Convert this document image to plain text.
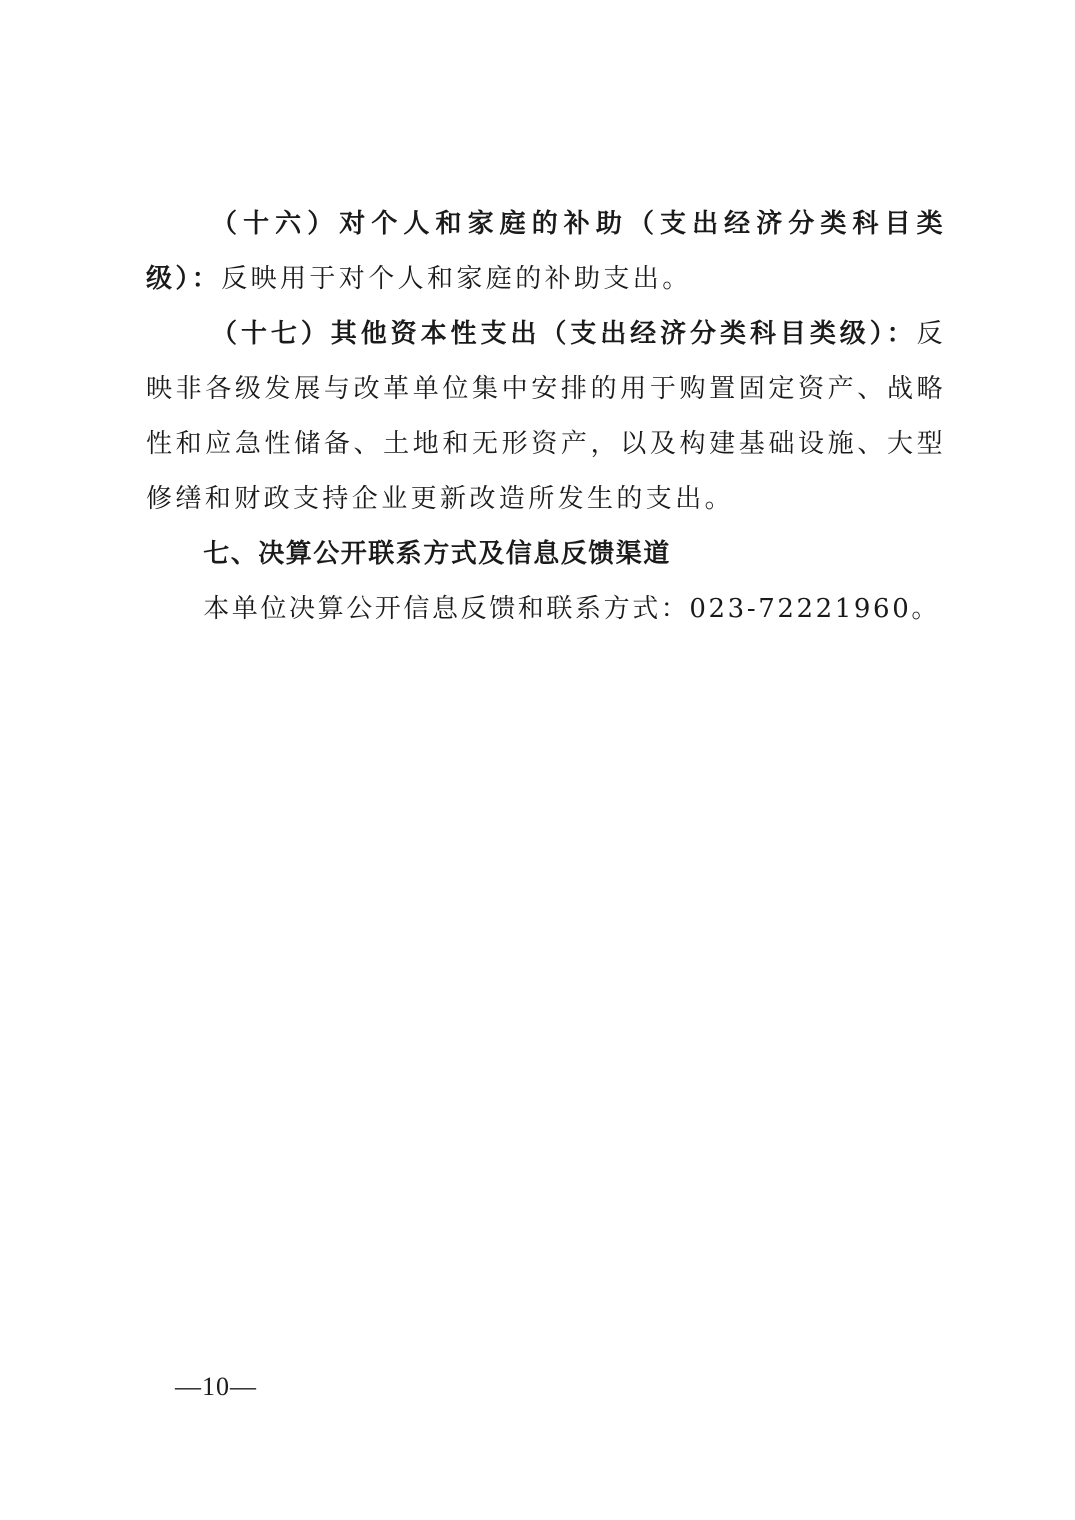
（十六）对个人和家庭的补助（支出经济分类科目类级）：反映用于对个人和家庭的补助支出。

（十七）其他资本性支出（支出经济分类科目类级）：反映非各级发展与改革单位集中安排的用于购置固定资产、战略性和应急性储备、土地和无形资产，以及构建基础设施、大型修缮和财政支持企业更新改造所发生的支出。

七、决算公开联系方式及信息反馈渠道

本单位决算公开信息反馈和联系方式：023-72221960。

—10—
